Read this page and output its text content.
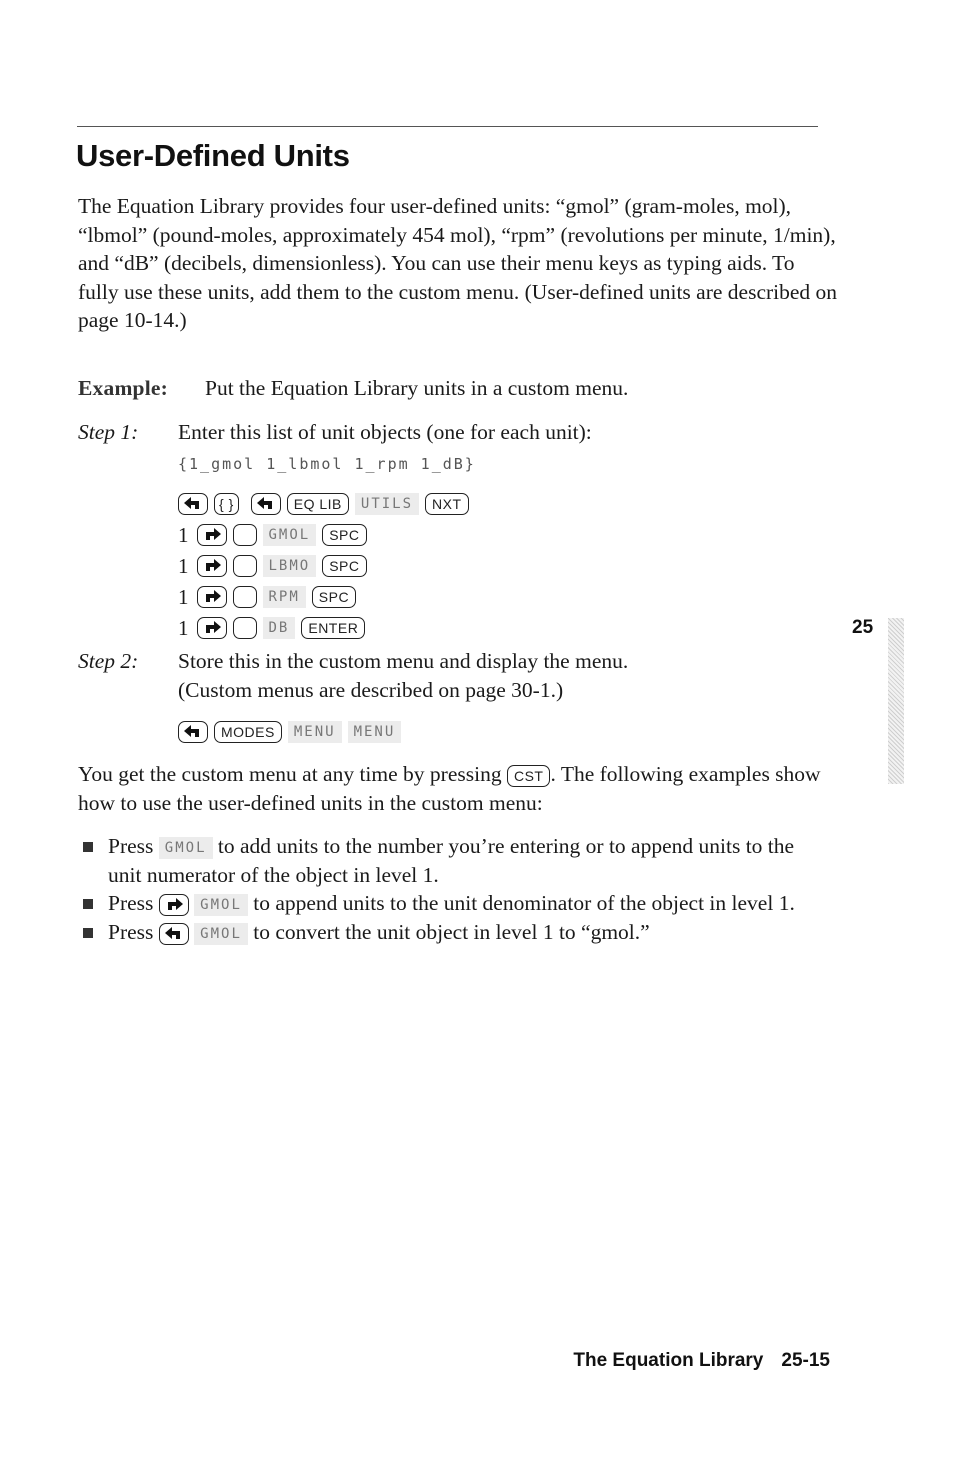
User-Defined Units
The Equation Library provides four user-defined units: “gmol” (gram-moles, mol), “lbmol” (pound-moles, approximately 454 mol), “rpm” (revolutions per minute, 1/min), and “dB” (decibels, dimensionless). You can use their menu keys as typing aids. To fully use these units, add them to the custom menu. (User-defined units are described on page 10-14.)
Example: Put the Equation Library units in a custom menu.
Step 1: Enter this list of unit objects (one for each unit):
{1_gmol 1_lbmol 1_rpm 1_dB}
{ }	EQ LIB	UTILS	NXT
1	GMOL	SPC
1	LBMO	SPC
1	RPM	SPC
1	DB	ENTER
Step 2: Store this in the custom menu and display the menu.
(Custom menus are described on page 30-1.)
MODES	MENU	MENU
You get the custom menu at any time by pressing CST . The following examples show how to use the user-defined units in the custom menu:
Press GMOL to add units to the number you’re entering or to append units to the unit numerator of the object in level 1.
Press	GMOL to append units to the unit denominator of the object in level 1.
Press	GMOL to convert the unit object in level 1 to “gmol.”
25
The Equation Library 25-15
